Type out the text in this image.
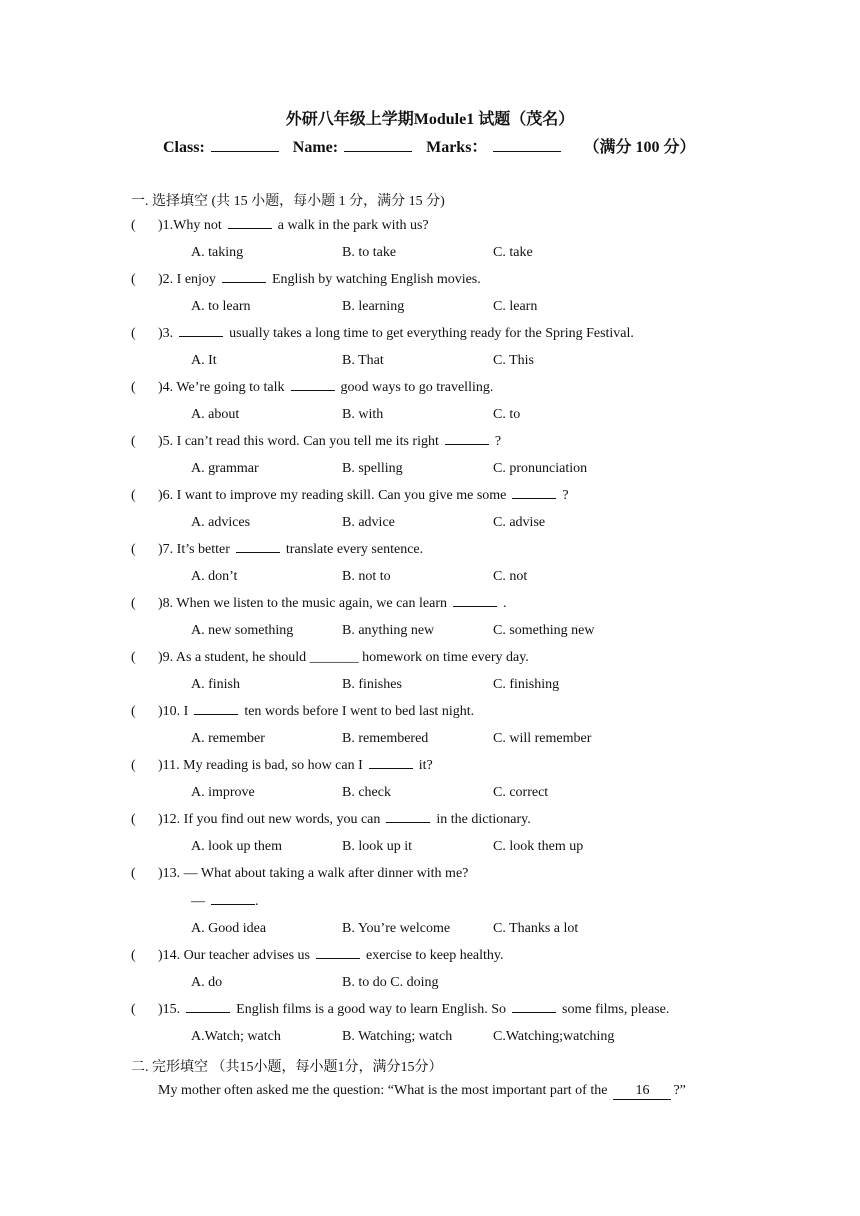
外研八年级上学期Module1 试题（茂名）
Class:	Name:	Marks：	（满分 100 分）
一. 选择填空 (共 15 小题，每小题 1 分，满分 15 分)
( )1.Why not	a walk in the park with us?
A. taking	B. to take	C. take
( )2. I enjoy	English by watching English movies.
A. to learn	B. learning	C. learn
( )3.	usually takes a long time to get everything ready for the Spring Festival.
A. It	B. That	C. This
( )4. We’re going to talk	good ways to go travelling.
A. about	B. with	C. to
( )5. I can’t read this word. Can you tell me its right	?
A. grammar	B. spelling	C. pronunciation
( )6. I want to improve my reading skill. Can you give me some	?
A. advices	B. advice	C. advise
( )7. It’s better	translate every sentence.
A. don’t	B. not to	C. not
( )8. When we listen to the music again, we can learn	.
A. new something	B. anything new	C. something new
( )9. As a student, he should _______ homework on time every day.
A. finish	B. finishes	C. finishing
( )10. I	ten words before I went to bed last night.
A. remember	B. remembered	C. will remember
( )11. My reading is bad, so how can I	it?
A. improve	B. check	C. correct
( )12. If you find out new words, you can	in the dictionary.
A. look up them	B. look up it	C. look them up
( )13. — What about taking a walk after dinner with me?
—	.
A. Good idea	B. You’re welcome	C. Thanks a lot
( )14. Our teacher advises us	exercise to keep healthy.
A. do	B. to do C. doing
( )15.	English films is a good way to learn English. So	some films, please.
A.Watch; watch	B. Watching; watch	C.Watching;watching
二. 完形填空 （共15小题，每小题1分，满分15分）
My mother often asked me the question: “What is the most important part of the 16 ?”
